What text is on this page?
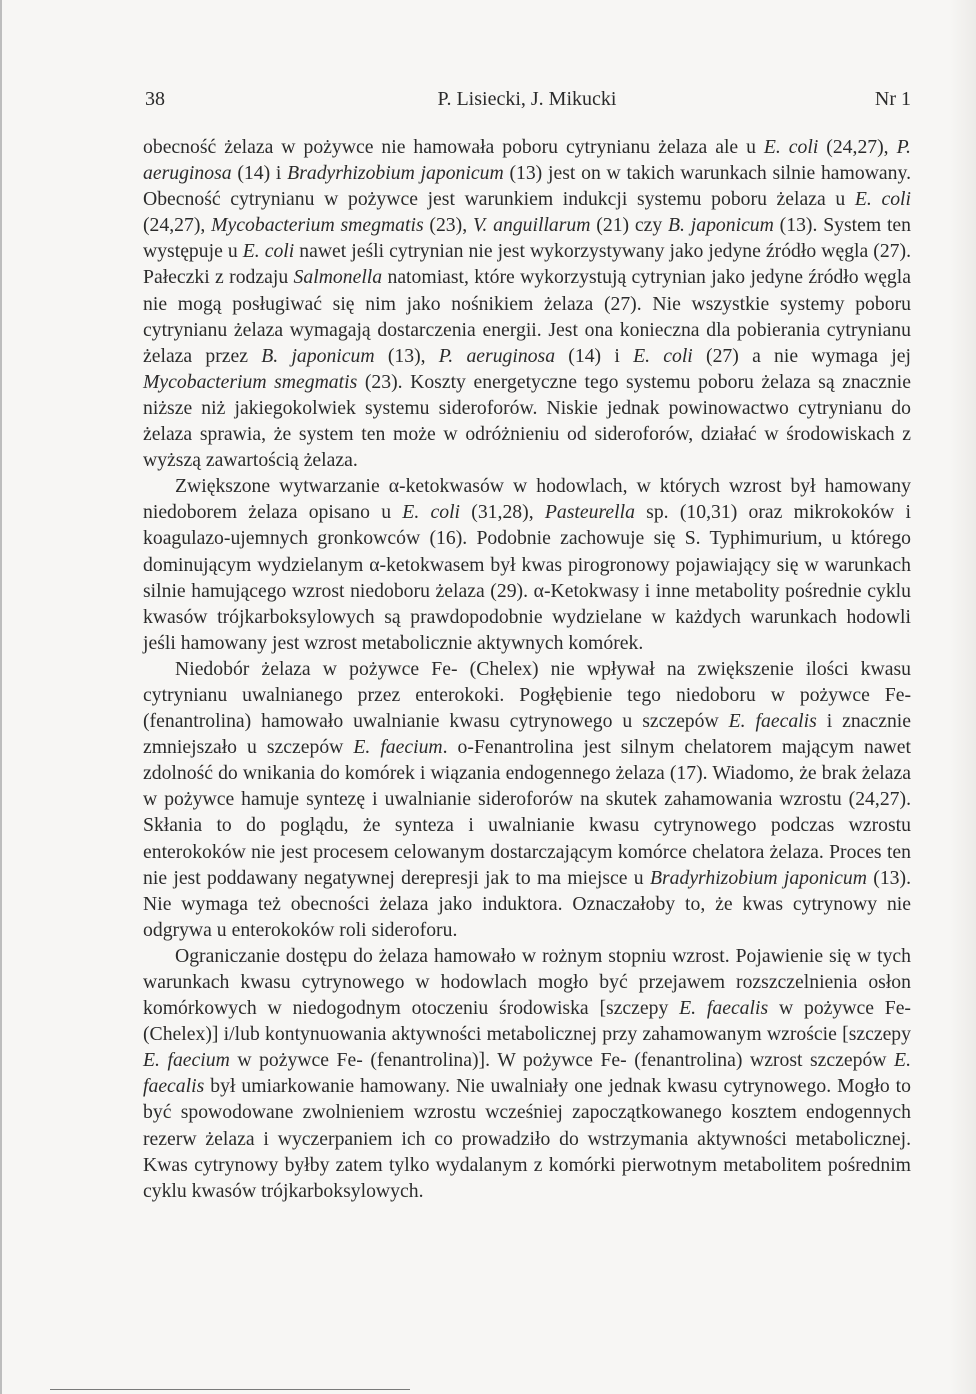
38	P. Lisiecki, J. Mikucki	Nr 1

obecność żelaza w pożywce nie hamowała poboru cytrynianu żelaza ale u E. coli (24,27), P. aeruginosa (14) i Bradyrhizobium japonicum (13) jest on w takich warunkach silnie hamowany. Obecność cytrynianu w pożywce jest warunkiem indukcji systemu poboru żelaza u E. coli (24,27), Mycobacterium smegmatis (23), V. anguillarum (21) czy B. japonicum (13). System ten występuje u E. coli nawet jeśli cytrynian nie jest wykorzystywany jako jedyne źródło węgla (27). Pałeczki z rodzaju Salmonella natomiast, które wykorzystują cytrynian jako jedyne źródło węgla nie mogą posługiwać się nim jako nośnikiem żelaza (27). Nie wszystkie systemy poboru cytrynianu żelaza wymagają dostarczenia energii. Jest ona konieczna dla pobierania cytrynianu żelaza przez B. japonicum (13), P. aeruginosa (14) i E. coli (27) a nie wymaga jej Mycobacterium smegmatis (23). Koszty energetyczne tego systemu poboru żelaza są znacznie niższe niż jakiegokolwiek systemu sideroforów. Niskie jednak powinowactwo cytrynianu do żelaza sprawia, że system ten może w odróżnieniu od sideroforów, działać w środowiskach z wyższą zawartością żelaza.

Zwiększone wytwarzanie α-ketokwasów w hodowlach, w których wzrost był hamowany niedoborem żelaza opisano u E. coli (31,28), Pasteurella sp. (10,31) oraz mikrokoków i koagulazo-ujemnych gronkowców (16). Podobnie zachowuje się S. Typhimurium, u którego dominującym wydzielanym α-ketokwasem był kwas pirogronowy pojawiający się w warunkach silnie hamującego wzrost niedoboru żelaza (29). α-Ketokwasy i inne metabolity pośrednie cyklu kwasów trójkarboksylowych są prawdopodobnie wydzielane w każdych warunkach hodowli jeśli hamowany jest wzrost metabolicznie aktywnych komórek.

Niedobór żelaza w pożywce Fe- (Chelex) nie wpływał na zwiększenie ilości kwasu cytrynianu uwalnianego przez enterokoki. Pogłębienie tego niedoboru w pożywce Fe- (fenantrolina) hamowało uwalnianie kwasu cytrynowego u szczepów E. faecalis i znacznie zmniejszało u szczepów E. faecium. o-Fenantrolina jest silnym chelatorem mającym nawet zdolność do wnikania do komórek i wiązania endogennego żelaza (17). Wiadomo, że brak żelaza w pożywce hamuje syntezę i uwalnianie sideroforów na skutek zahamowania wzrostu (24,27). Skłania to do poglądu, że synteza i uwalnianie kwasu cytrynowego podczas wzrostu enterokoków nie jest procesem celowanym dostarczającym komórce chelatora żelaza. Proces ten nie jest poddawany negatywnej derepresji jak to ma miejsce u Bradyrhizobium japonicum (13). Nie wymaga też obecności żelaza jako induktora. Oznaczałoby to, że kwas cytrynowy nie odgrywa u enterokoków roli sideroforu.

Ograniczanie dostępu do żelaza hamowało w rożnym stopniu wzrost. Pojawienie się w tych warunkach kwasu cytrynowego w hodowlach mogło być przejawem rozszczelnienia osłon komórkowych w niedogodnym otoczeniu środowiska [szczepy E. faecalis w pożywce Fe- (Chelex)] i/lub kontynuowania aktywności metabolicznej przy zahamowanym wzroście [szczepy E. faecium w pożywce Fe- (fenantrolina)]. W pożywce Fe- (fenantrolina) wzrost szczepów E. faecalis był umiarkowanie hamowany. Nie uwalniały one jednak kwasu cytrynowego. Mogło to być spowodowane zwolnieniem wzrostu wcześniej zapoczątkowanego kosztem endogennych rezerw żelaza i wyczerpaniem ich co prowadziło do wstrzymania aktywności metabolicznej. Kwas cytrynowy byłby zatem tylko wydalanym z komórki pierwotnym metabolitem pośrednim cyklu kwasów trójkarboksylowych.
